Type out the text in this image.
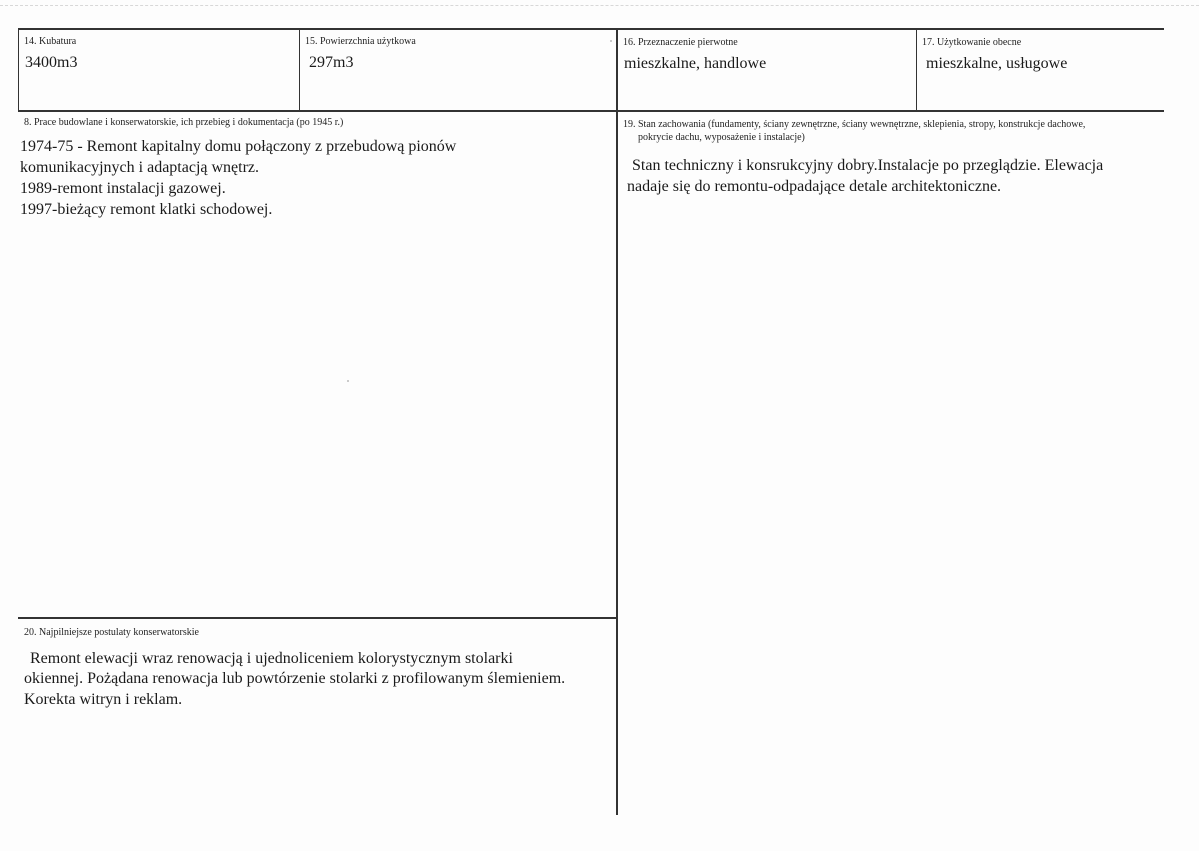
14. Kubatura
3400m3
15. Powierzchnia użytkowa
297m3
16. Przeznaczenie pierwotne
mieszkalne, handlowe
17. Użytkowanie obecne
mieszkalne, usługowe
8. Prace budowlane i konserwatorskie, ich przebieg i dokumentacja (po 1945 r.)
1974-75 - Remont kapitalny domu połączony z przebudową pionów
komunikacyjnych i adaptacją wnętrz.
1989-remont instalacji gazowej.
1997-bieżący remont klatki schodowej.
19. Stan zachowania (fundamenty, ściany zewnętrzne, ściany wewnętrzne, sklepienia, stropy, konstrukcje dachowe,
pokrycie dachu, wyposażenie i instalacje)
Stan techniczny i konsrukcyjny dobry.Instalacje po przeglądzie. Elewacja
nadaje się do remontu-odpadające detale architektoniczne.
20. Najpilniejsze postulaty konserwatorskie
Remont elewacji wraz renowacją i ujednoliceniem kolorystycznym stolarki
okiennej. Pożądana renowacja lub powtórzenie stolarki z profilowanym ślemieniem.
Korekta witryn i reklam.
